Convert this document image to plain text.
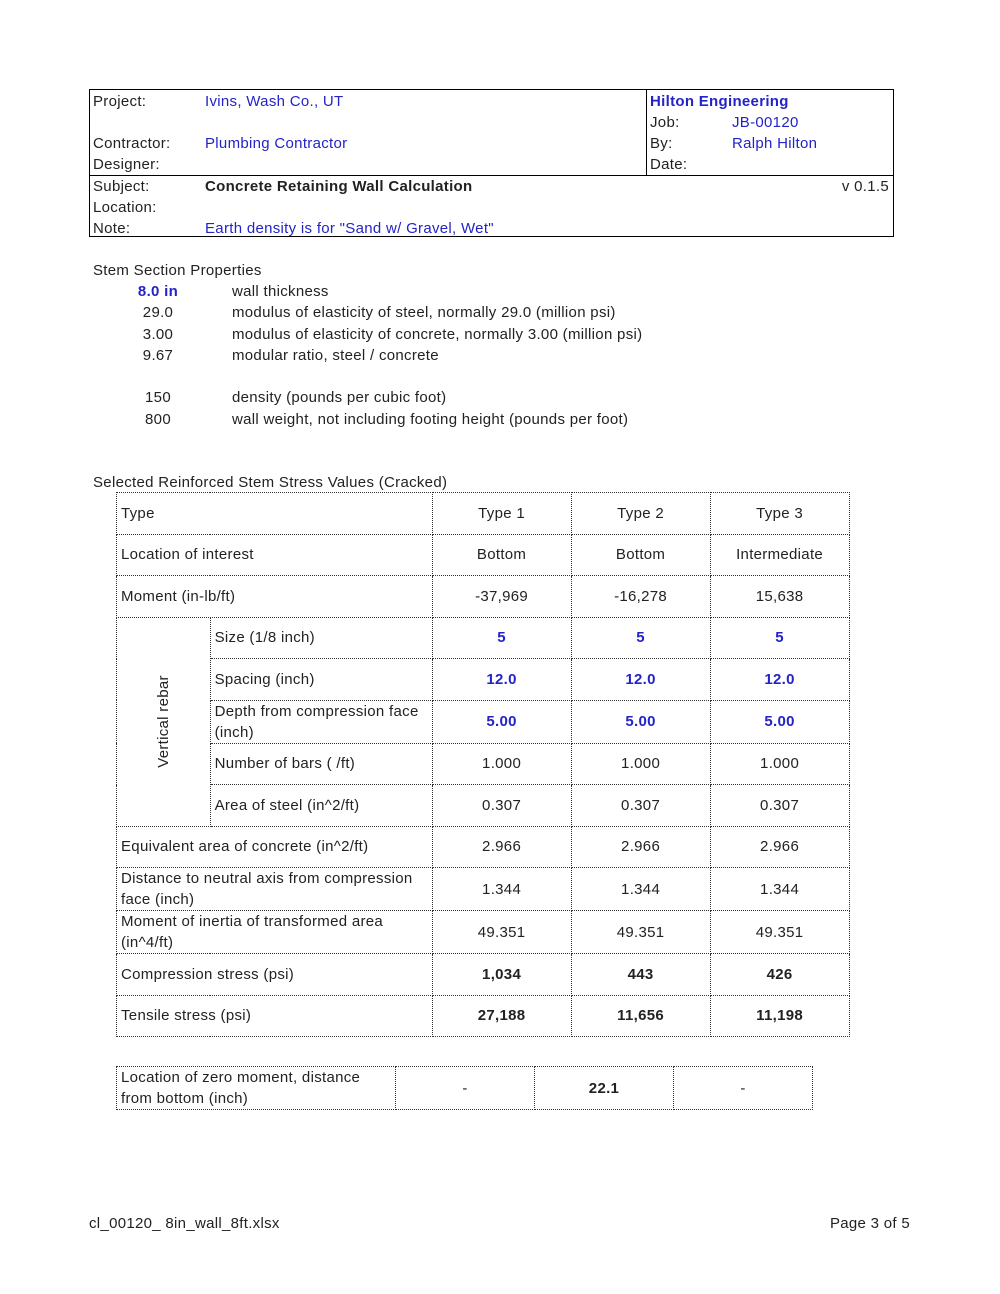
Project:	Ivins, Wash Co., UT	Hilton Engineering
Job:	JB-00120
Contractor: Plumbing Contractor	By:	Ralph Hilton
Designer:	Date:
Subject:	Concrete Retaining Wall Calculation	v 0.1.5
Location:
Note:	Earth density is for "Sand w/ Gravel, Wet"
Stem Section Properties
8.0 in	wall thickness
29.0	modulus of elasticity of steel, normally 29.0 (million psi)
3.00	modulus of elasticity of concrete, normally 3.00 (million psi)
9.67	modular ratio, steel / concrete
150	density (pounds per cubic foot)
800	wall weight, not including footing height (pounds per foot)
Selected Reinforced Stem Stress Values (Cracked)
Type		Type 1	Type 2	Type 3
Location of interest		Bottom	Bottom	Intermediate
Moment (in-lb/ft)		-37,969	-16,278	15,638
Vertical rebar	Size (1/8 inch)	5	5	5
	Spacing (inch)	12.0	12.0	12.0
	Depth from compression face (inch)	5.00	5.00	5.00
	Number of bars ( /ft)	1.000	1.000	1.000
	Area of steel (in^2/ft)	0.307	0.307	0.307
Equivalent area of concrete (in^2/ft)		2.966	2.966	2.966
Distance to neutral axis from compression face (inch)		1.344	1.344	1.344
Moment of inertia of transformed area (in^4/ft)		49.351	49.351	49.351
Compression stress (psi)		1,034	443	426
Tensile stress (psi)		27,188	11,656	11,198
Location of zero moment, distance from bottom (inch)	-	22.1	-
cl_00120_ 8in_wall_8ft.xlsx	Page 3 of 5
